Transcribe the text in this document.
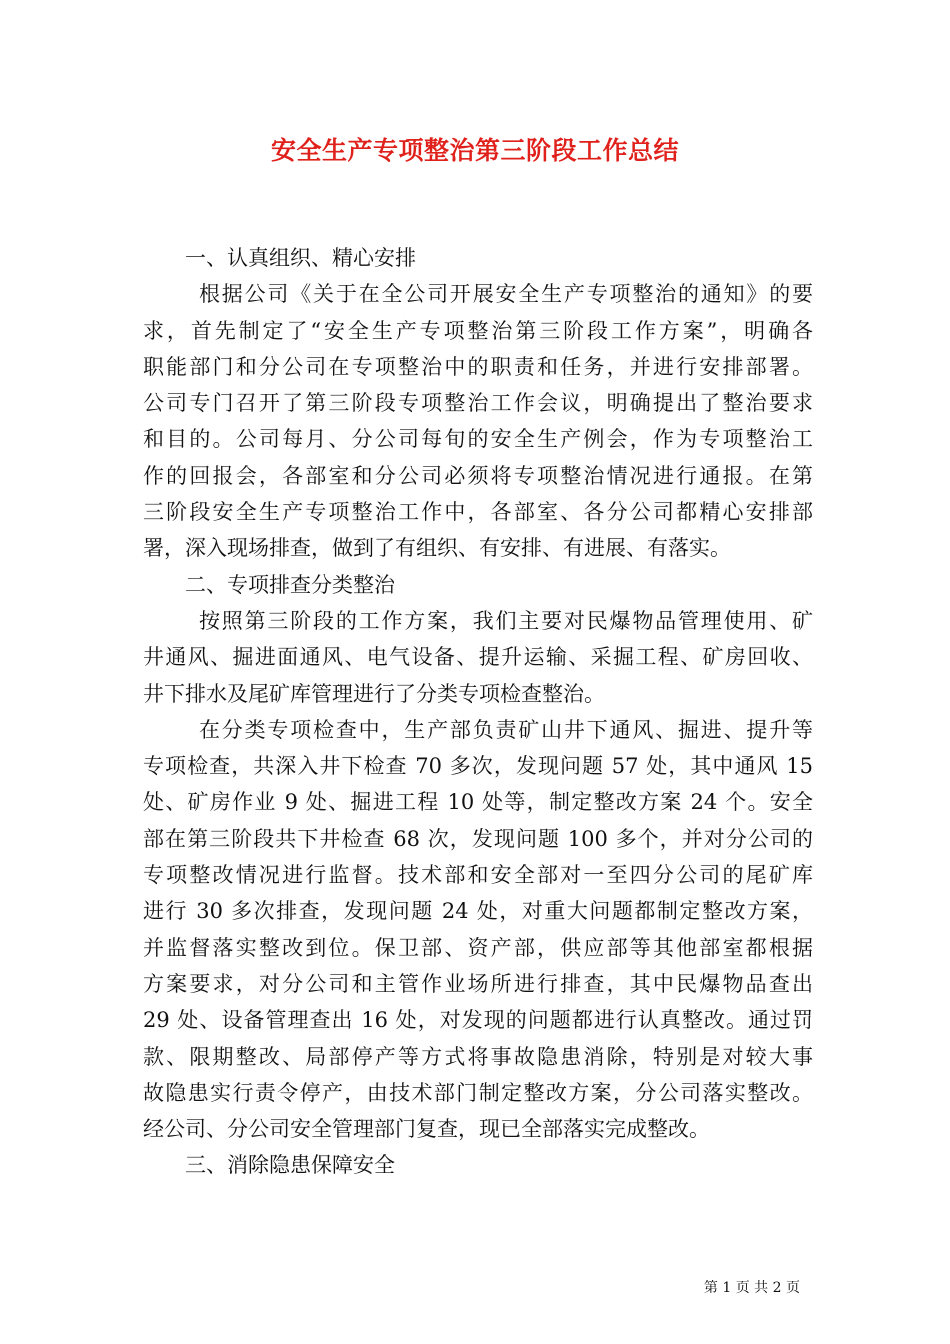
安全生产专项整治第三阶段工作总结
一、认真组织、精心安排
根据公司《关于在全公司开展安全生产专项整治的通知》的要
求，首先制定了“安全生产专项整治第三阶段工作方案”，明确各
职能部门和分公司在专项整治中的职责和任务，并进行安排部署。
公司专门召开了第三阶段专项整治工作会议，明确提出了整治要求
和目的。公司每月、分公司每旬的安全生产例会，作为专项整治工
作的回报会，各部室和分公司必须将专项整治情况进行通报。在第
三阶段安全生产专项整治工作中，各部室、各分公司都精心安排部
署，深入现场排查，做到了有组织、有安排、有进展、有落实。
二、专项排查分类整治
按照第三阶段的工作方案，我们主要对民爆物品管理使用、矿
井通风、掘进面通风、电气设备、提升运输、采掘工程、矿房回收、
井下排水及尾矿库管理进行了分类专项检查整治。
在分类专项检查中，生产部负责矿山井下通风、掘进、提升等
专项检查，共深入井下检查 70 多次，发现问题 57 处，其中通风 15
处、矿房作业 9 处、掘进工程 10 处等，制定整改方案 24 个。安全
部在第三阶段共下井检查 68 次，发现问题 100 多个，并对分公司的
专项整改情况进行监督。技术部和安全部对一至四分公司的尾矿库
进行 30 多次排查，发现问题 24 处，对重大问题都制定整改方案，
并监督落实整改到位。保卫部、资产部，供应部等其他部室都根据
方案要求，对分公司和主管作业场所进行排查，其中民爆物品查出
29 处、设备管理查出 16 处，对发现的问题都进行认真整改。通过罚
款、限期整改、局部停产等方式将事故隐患消除，特别是对较大事
故隐患实行责令停产，由技术部门制定整改方案，分公司落实整改。
经公司、分公司安全管理部门复查，现已全部落实完成整改。
三、消除隐患保障安全
第 1 页 共 2 页
